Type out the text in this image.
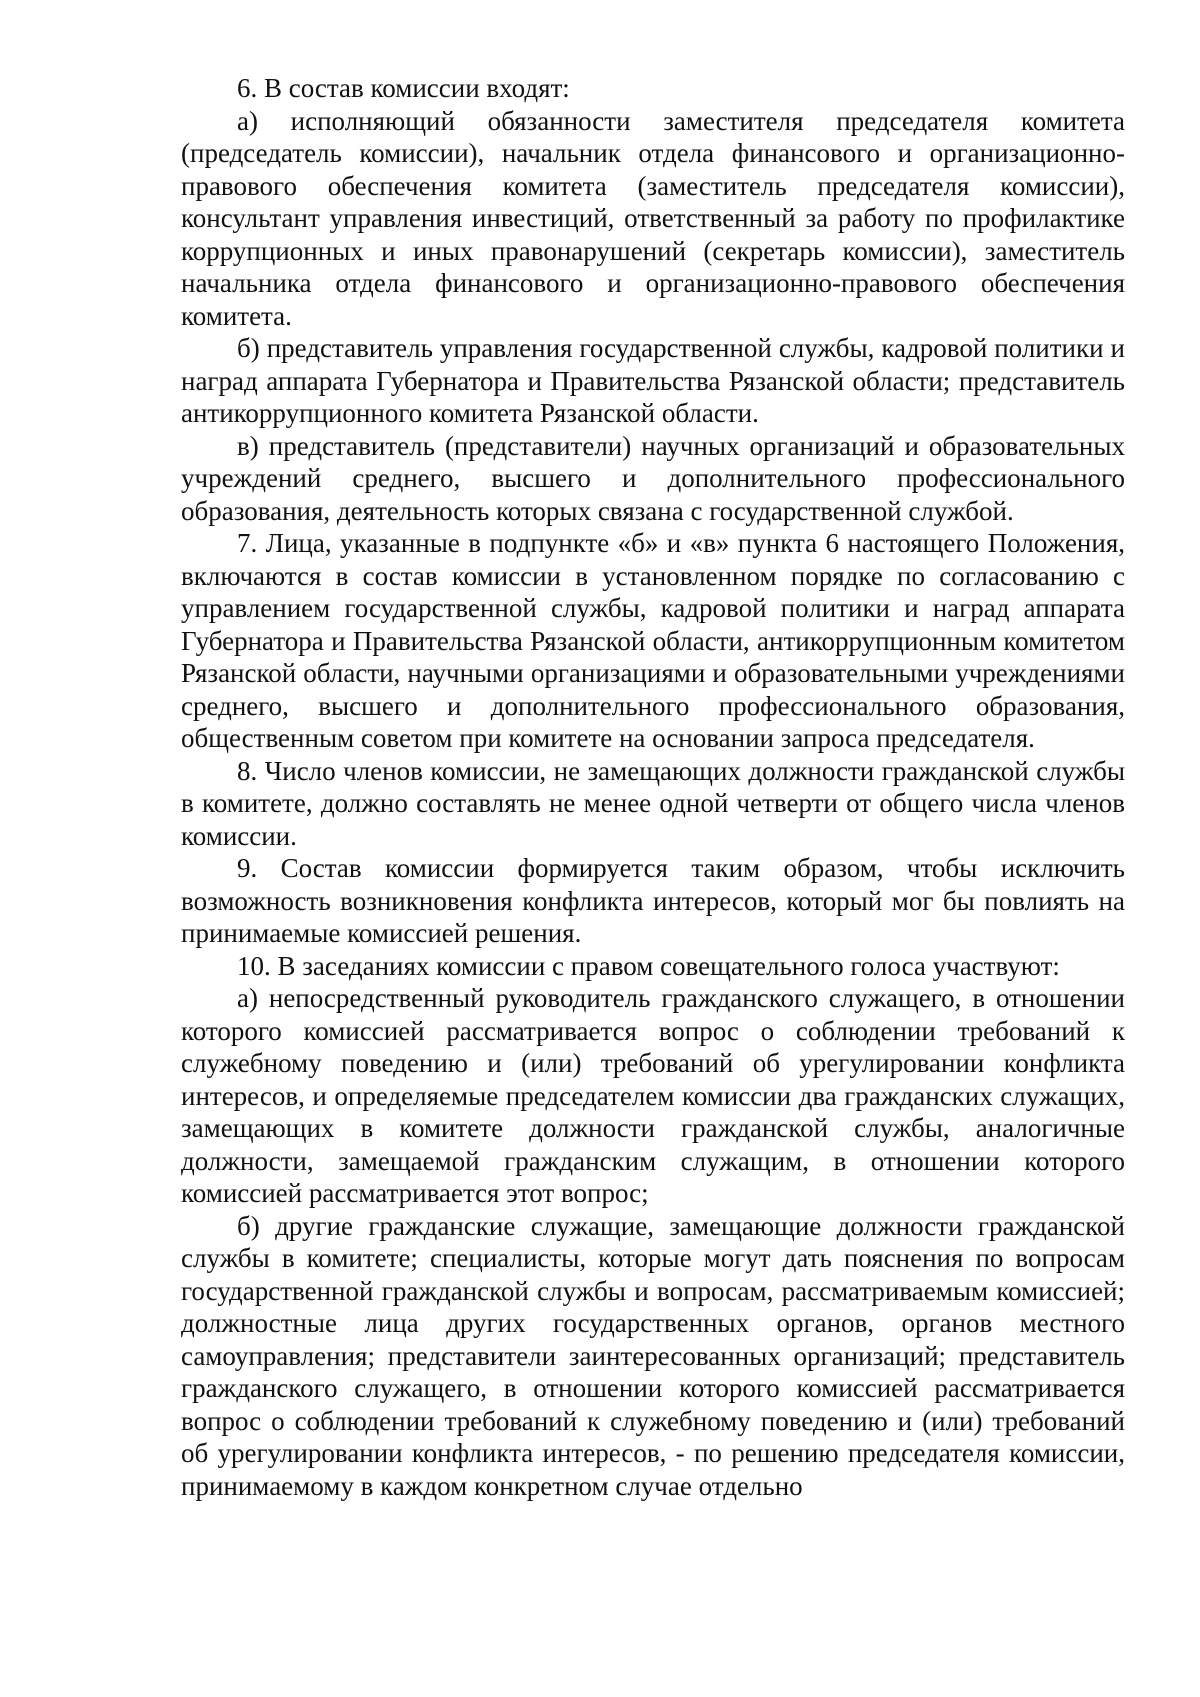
6. В состав комиссии входят:

а) исполняющий обязанности заместителя председателя комитета (председатель комиссии), начальник отдела финансового и организационно-правового обеспечения комитета (заместитель председателя комиссии), консультант управления инвестиций, ответственный за работу по профилактике коррупционных и иных правонарушений (секретарь комиссии), заместитель начальника отдела финансового и организационно-правового обеспечения комитета.

б) представитель управления государственной службы, кадровой политики и наград аппарата Губернатора и Правительства Рязанской области; представитель антикоррупционного комитета Рязанской области.

в) представитель (представители) научных организаций и образовательных учреждений среднего, высшего и дополнительного профессионального образования, деятельность которых связана с государственной службой.

7. Лица, указанные в подпункте «б» и «в» пункта 6 настоящего Положения, включаются в состав комиссии в установленном порядке по согласованию с управлением государственной службы, кадровой политики и наград аппарата Губернатора и Правительства Рязанской области, антикоррупционным комитетом Рязанской области, научными организациями и образовательными учреждениями среднего, высшего и дополнительного профессионального образования, общественным советом при комитете на основании запроса председателя.

8. Число членов комиссии, не замещающих должности гражданской службы в комитете, должно составлять не менее одной четверти от общего числа членов комиссии.

9. Состав комиссии формируется таким образом, чтобы исключить возможность возникновения конфликта интересов, который мог бы повлиять на принимаемые комиссией решения.

10. В заседаниях комиссии с правом совещательного голоса участвуют:

а) непосредственный руководитель гражданского служащего, в отношении которого комиссией рассматривается вопрос о соблюдении требований к служебному поведению и (или) требований об урегулировании конфликта интересов, и определяемые председателем комиссии два гражданских служащих, замещающих в комитете должности гражданской службы, аналогичные должности, замещаемой гражданским служащим, в отношении которого комиссией рассматривается этот вопрос;

б) другие гражданские служащие, замещающие должности гражданской службы в комитете; специалисты, которые могут дать пояснения по вопросам государственной гражданской службы и вопросам, рассматриваемым комиссией; должностные лица других государственных органов, органов местного самоуправления; представители заинтересованных организаций; представитель гражданского служащего, в отношении которого комиссией рассматривается вопрос о соблюдении требований к служебному поведению и (или) требований об урегулировании конфликта интересов, - по решению председателя комиссии, принимаемому в каждом конкретном случае отдельно
